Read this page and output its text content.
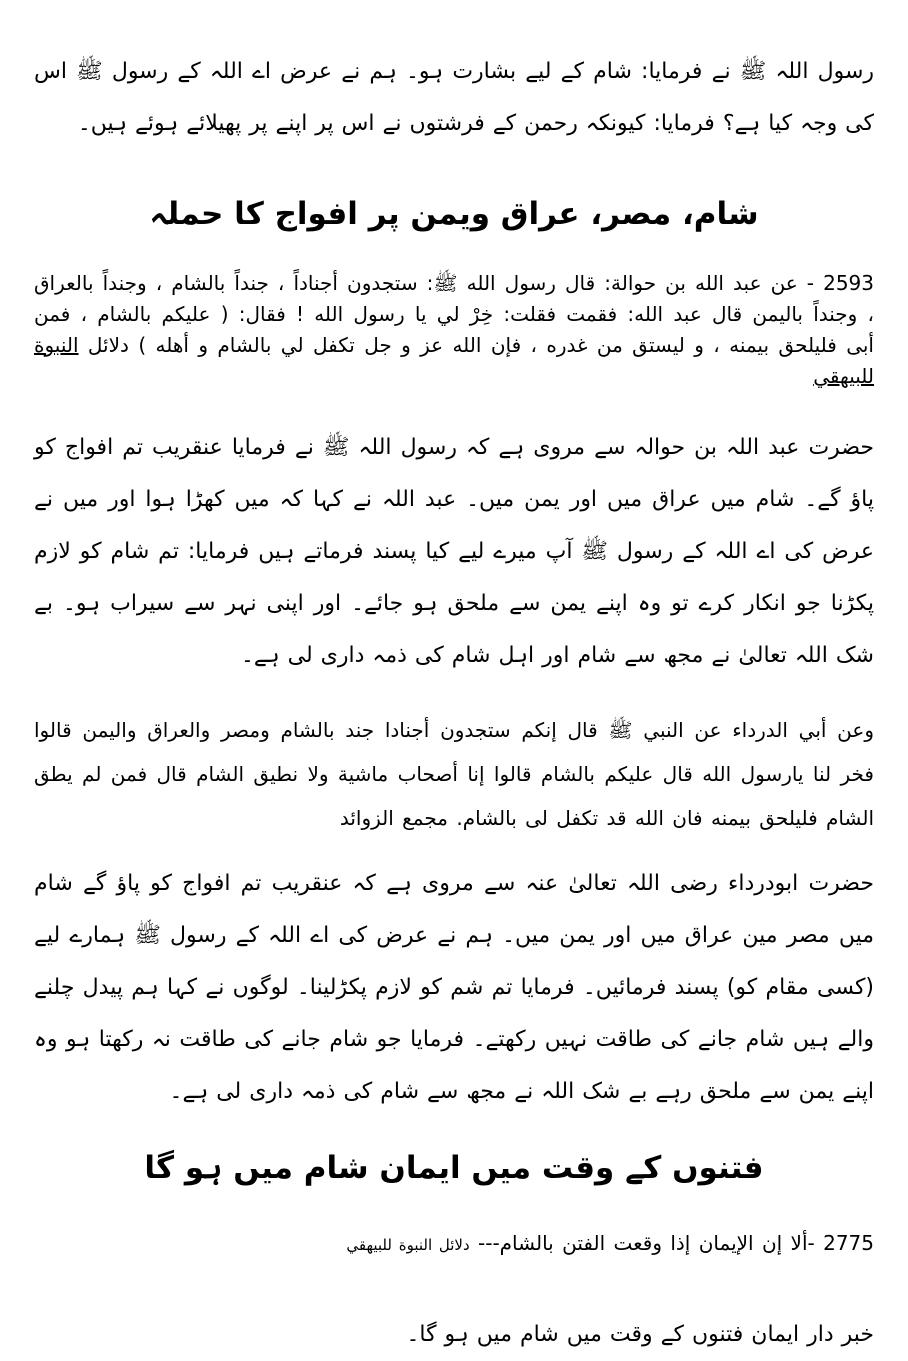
رسول اللہ ﷺ نے فرمایا: شام کے لیے بشارت ہو۔ ہم نے عرض اے اللہ کے رسول ﷺ اس کی وجہ کیا ہے؟ فرمایا: کیونکہ رحمن کے فرشتوں نے اس پر اپنے پر پھیلائے ہوئے ہیں۔

شام، مصر، عراق ویمن پر افواج کا حملہ

2593 - عن عبد الله بن حوالة: قال رسول الله ﷺ: ستجدون أجناداً ، جنداً بالشام ، وجنداً بالعراق ، وجنداً باليمن قال عبد الله: فقمت فقلت: خِرْ لي يا رسول الله ! فقال: ( عليكم بالشام ، فمن أبى فليلحق بيمنه ، و ليستق من غدره ، فإن الله عز و جل تكفل لي بالشام و أهله ) دلائل النبوة للبيهقي

حضرت عبد اللہ بن حوالہ سے مروی ہے کہ رسول اللہ ﷺ نے فرمایا عنقریب تم افواج کو پاؤ گے۔ شام میں عراق میں اور یمن میں۔ عبد اللہ نے کہا کہ میں کھڑا ہوا اور میں نے عرض کی اے اللہ کے رسول ﷺ آپ میرے لیے کیا پسند فرماتے ہیں فرمایا: تم شام کو لازم پکڑنا جو انکار کرے تو وہ اپنے یمن سے ملحق ہو جائے۔ اور اپنی نہر سے سیراب ہو۔ بے شک اللہ تعالیٰ نے مجھ سے شام اور اہل شام کی ذمہ داری لی ہے۔

وعن أبي الدرداء عن النبي ﷺ قال إنكم ستجدون أجنادا جند بالشام ومصر والعراق واليمن قالوا فخر لنا يارسول الله قال عليكم بالشام قالوا إنا أصحاب ماشية ولا نطيق الشام قال فمن لم يطق الشام فليلحق بيمنه فان الله قد تكفل لى بالشام. مجمع الزوائد

حضرت ابودرداء رضی اللہ تعالیٰ عنہ سے مروی ہے کہ عنقریب تم افواج کو پاؤ گے شام میں مصر مین عراق میں اور یمن میں۔ ہم نے عرض کی اے اللہ کے رسول ﷺ ہمارے لیے (کسی مقام کو) پسند فرمائیں۔ فرمایا تم شم کو لازم پکڑلینا۔ لوگوں نے کہا ہم پیدل چلنے والے ہیں شام جانے کی طاقت نہیں رکھتے۔ فرمایا جو شام جانے کی طاقت نہ رکھتا ہو وہ اپنے یمن سے ملحق رہے بے شک اللہ نے مجھ سے شام کی ذمہ داری لی ہے۔

فتنوں کے وقت میں ایمان شام میں ہو گا

2775 -ألا إن الإيمان إذا وقعت الفتن بالشام--- دلائل النبوة للبيهقي

خبر دار ایمان فتنوں کے وقت میں شام میں ہو گا۔
